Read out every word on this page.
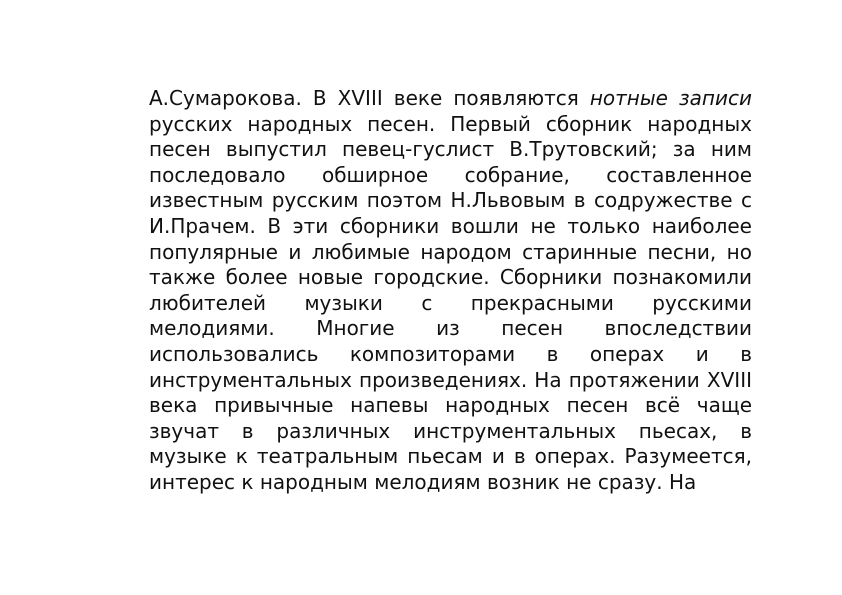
А.Сумарокова. В XVIII веке появляются нотные записи русских народных песен. Первый сборник народных песен выпустил певец-гуслист В.Трутовский; за ним последовало обширное собрание, составленное известным русским поэтом Н.Львовым в содружестве с И.Прачем. В эти сборники вошли не только наиболее популярные и любимые народом старинные песни, но также более новые городские. Сборники познакомили любителей музыки с прекрасными русскими мелодиями. Многие из песен впоследствии использовались композиторами в операх и в инструментальных произведениях. На протяжении XVIII века привычные напевы народных песен всё чаще звучат в различных инструментальных пьесах, в музыке к театральным пьесам и в операх. Разумеется, интерес к народным мелодиям возник не сразу. На
